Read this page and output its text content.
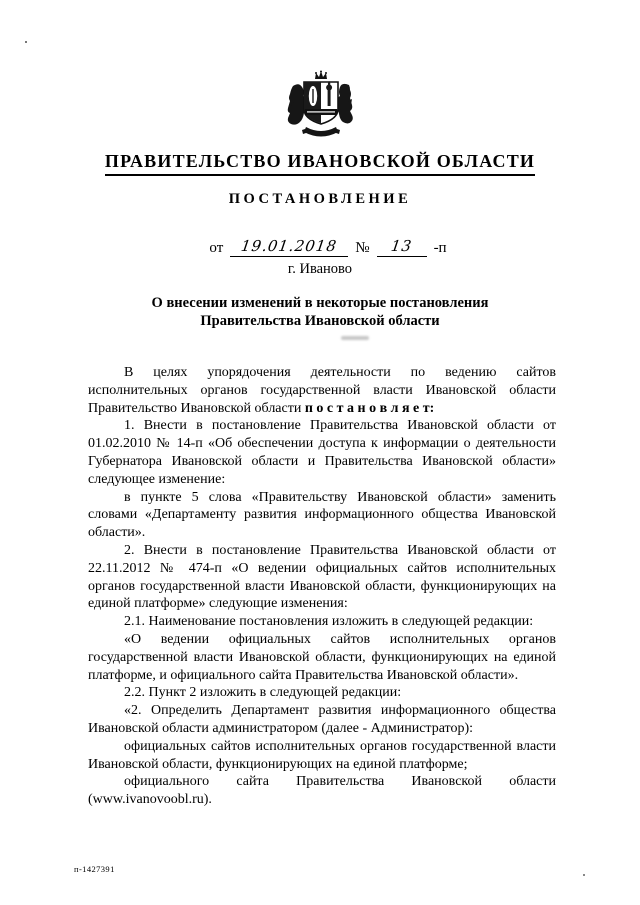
ПРАВИТЕЛЬСТВО ИВАНОВСКОЙ ОБЛАСТИ
ПОСТАНОВЛЕНИЕ
от	19.01.2018	№	13	-п
г. Иваново
О внесении изменений в некоторые постановления
Правительства Ивановской области

В целях упорядочения деятельности по ведению сайтов исполнительных органов государственной власти Ивановской области Правительство Ивановской области п о с т а н о в л я е т:

1. Внести в постановление Правительства Ивановской области от 01.02.2010 № 14-п «Об обеспечении доступа к информации о деятельности Губернатора Ивановской области и Правительства Ивановской области» следующее изменение:

в пункте 5 слова «Правительству Ивановской области» заменить словами «Департаменту развития информационного общества Ивановской области».

2. Внести в постановление Правительства Ивановской области от 22.11.2012 № 474-п «О ведении официальных сайтов исполнительных органов государственной власти Ивановской области, функционирующих на единой платформе» следующие изменения:

2.1. Наименование постановления изложить в следующей редакции:

«О ведении официальных сайтов исполнительных органов государственной власти Ивановской области, функционирующих на единой платформе, и официального сайта Правительства Ивановской области».

2.2. Пункт 2 изложить в следующей редакции:

«2. Определить Департамент развития информационного общества Ивановской области администратором (далее - Администратор):

официальных сайтов исполнительных органов государственной власти Ивановской области, функционирующих на единой платформе;

официального сайта Правительства Ивановской области (www.ivanovoobl.ru).

п-1427391
